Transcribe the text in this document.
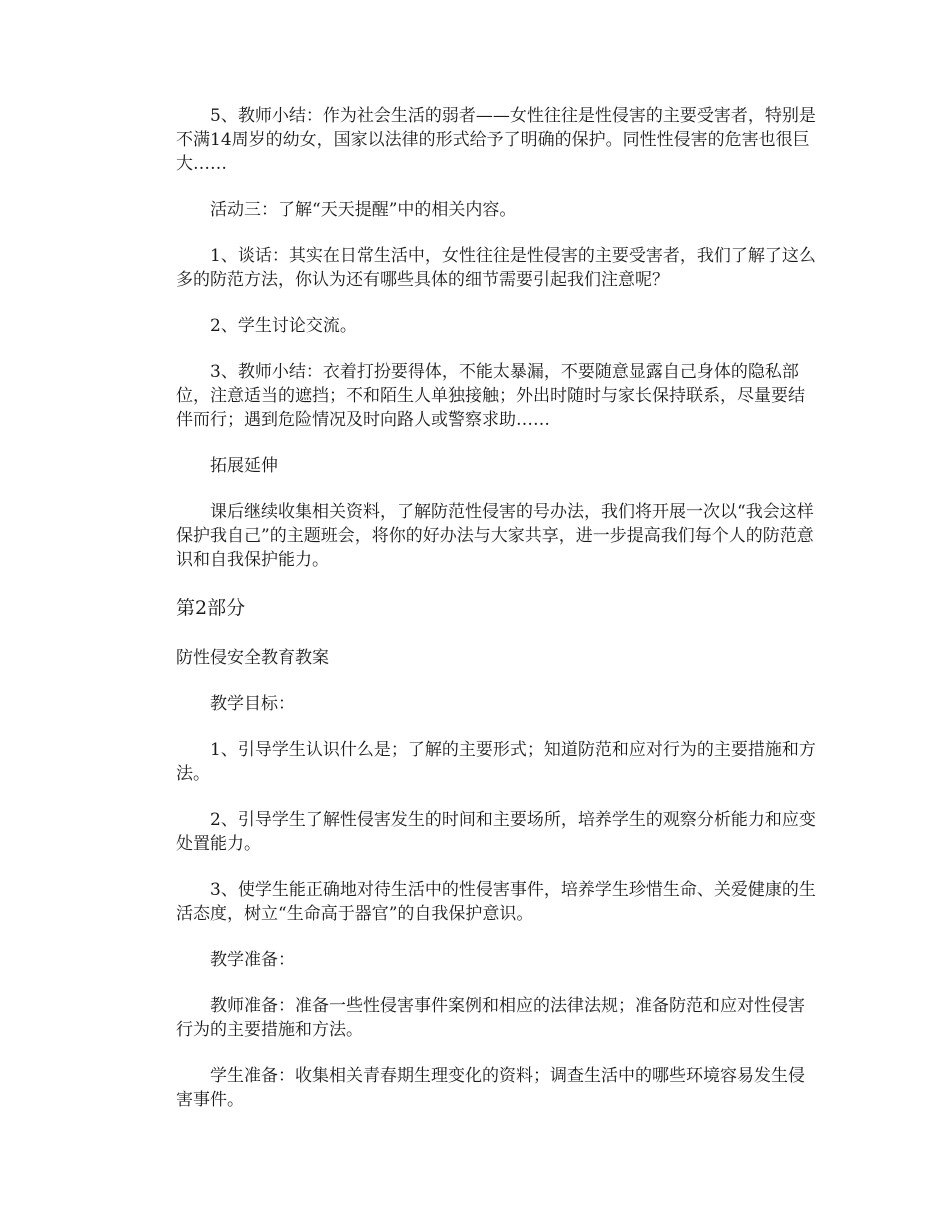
5、教师小结：作为社会生活的弱者——女性往往是性侵害的主要受害者，特别是不满14周岁的幼女，国家以法律的形式给予了明确的保护。同性性侵害的危害也很巨大……

活动三：了解“天天提醒”中的相关内容。

1、谈话：其实在日常生活中，女性往往是性侵害的主要受害者，我们了解了这么多的防范方法，你认为还有哪些具体的细节需要引起我们注意呢？

2、学生讨论交流。

3、教师小结：衣着打扮要得体，不能太暴漏，不要随意显露自己身体的隐私部位，注意适当的遮挡；不和陌生人单独接触；外出时随时与家长保持联系，尽量要结伴而行；遇到危险情况及时向路人或警察求助……

拓展延伸

课后继续收集相关资料，了解防范性侵害的号办法，我们将开展一次以“我会这样保护我自己”的主题班会，将你的好办法与大家共享，进一步提高我们每个人的防范意识和自我保护能力。

第2部分

防性侵安全教育教案

教学目标：

1、引导学生认识什么是；了解的主要形式；知道防范和应对行为的主要措施和方法。

2、引导学生了解性侵害发生的时间和主要场所，培养学生的观察分析能力和应变处置能力。

3、使学生能正确地对待生活中的性侵害事件，培养学生珍惜生命、关爱健康的生活态度，树立“生命高于器官”的自我保护意识。

教学准备：

教师准备：准备一些性侵害事件案例和相应的法律法规；准备防范和应对性侵害行为的主要措施和方法。

学生准备：收集相关青春期生理变化的资料；调查生活中的哪些环境容易发生侵害事件。
